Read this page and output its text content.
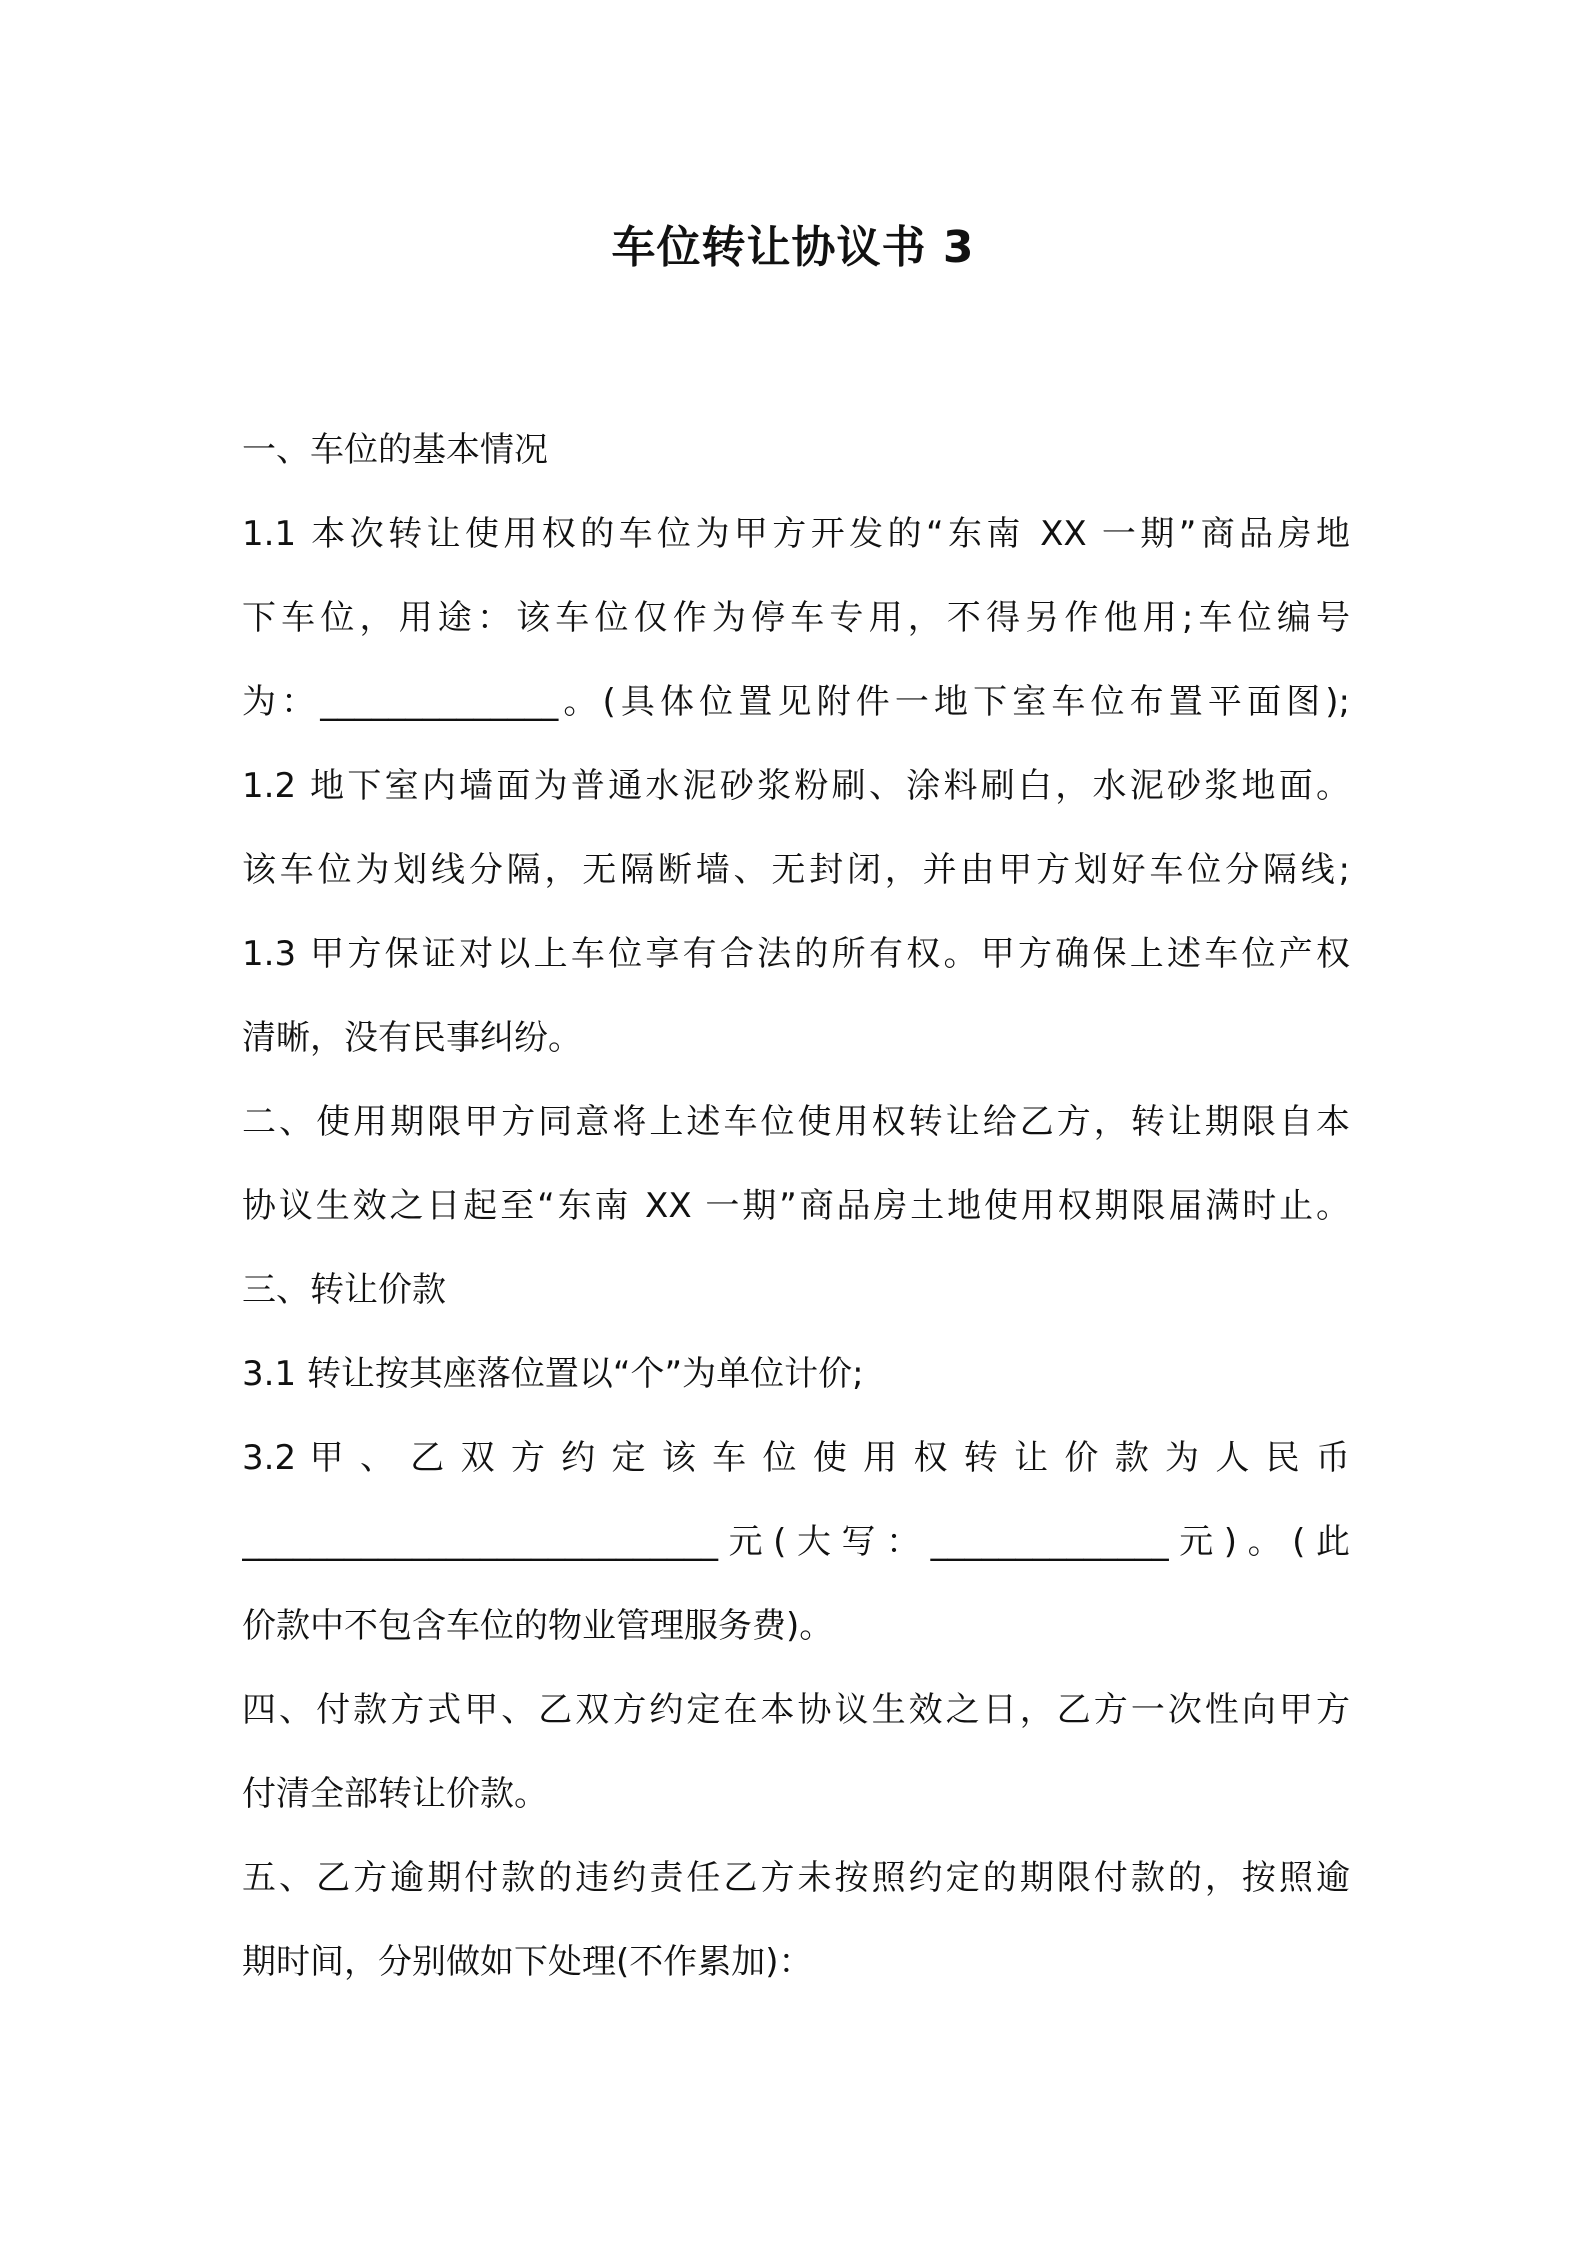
车位转让协议书 3
一、车位的基本情况
1.1 本次转让使用权的车位为甲方开发的“东南 XX 一期”商品房地
下车位，用途：该车位仅作为停车专用，不得另作他用;车位编号
为：______________。(具体位置见附件一地下室车位布置平面图);
1.2 地下室内墙面为普通水泥砂浆粉刷、涂料刷白，水泥砂浆地面。
该车位为划线分隔，无隔断墙、无封闭，并由甲方划好车位分隔线;
1.3 甲方保证对以上车位享有合法的所有权。甲方确保上述车位产权
清晰，没有民事纠纷。
二、使用期限甲方同意将上述车位使用权转让给乙方，转让期限自本
协议生效之日起至“东南 XX 一期”商品房土地使用权期限届满时止。
三、转让价款
3.1 转让按其座落位置以“个”为单位计价;
3.2 甲 、 乙 双 方 约 定 该 车 位 使 用 权 转 让 价 款 为 人 民 币
____________________________元(大写：______________元)。(此
价款中不包含车位的物业管理服务费)。
四、付款方式甲、乙双方约定在本协议生效之日，乙方一次性向甲方
付清全部转让价款。
五、乙方逾期付款的违约责任乙方未按照约定的期限付款的，按照逾
期时间，分别做如下处理(不作累加)：
